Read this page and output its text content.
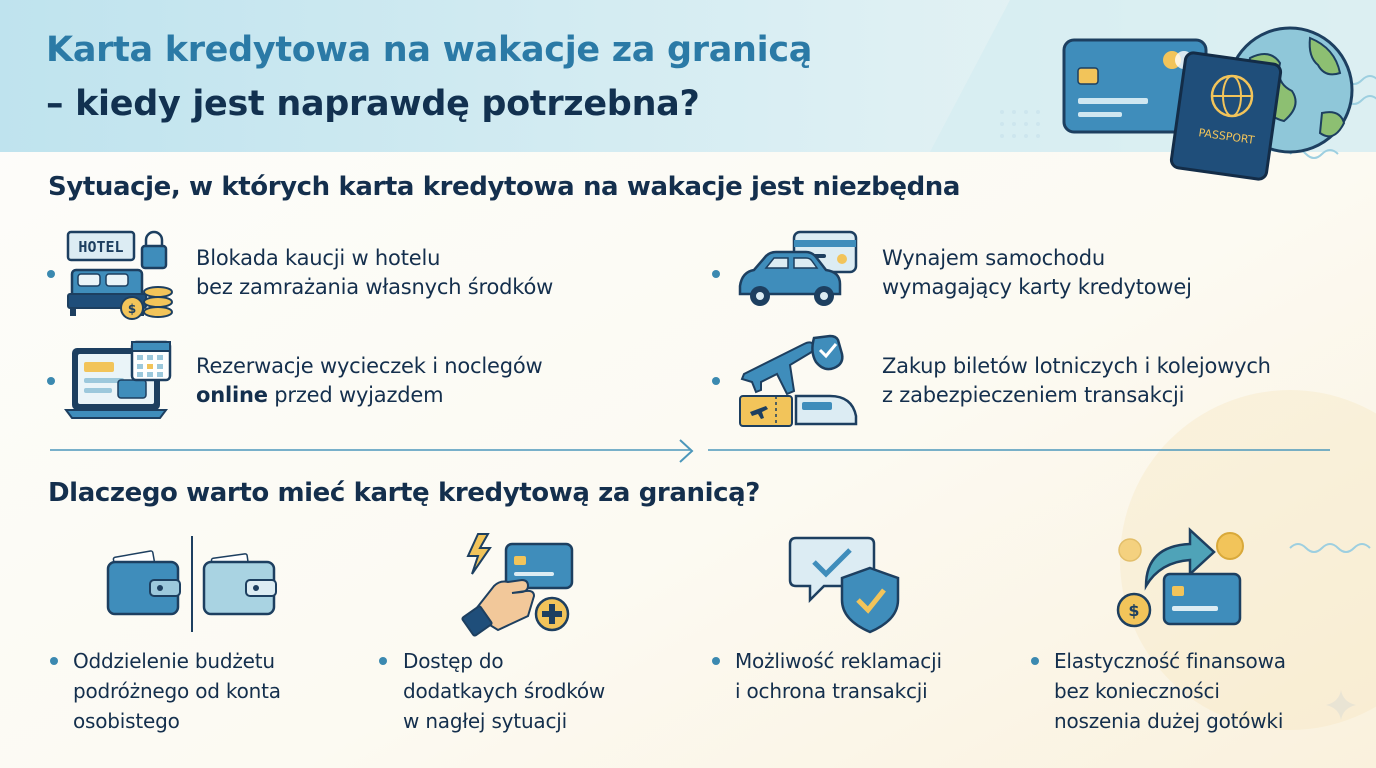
Karta kredytowa na wakacje za granicą
– kiedy jest naprawdę potrzebna?
PASSPORT
Sytuacje, w których karta kredytowa na wakacje jest niezbędna
HOTEL
$
Blokada kaucji w hotelu
bez zamrażania własnych środków
Wynajem samochodu
wymagający karty kredytowej
Rezerwacje wycieczek i noclegów
online przed wyjazdem
Zakup biletów lotniczych i kolejowych
z zabezpieczeniem transakcji
Dlaczego warto mieć kartę kredytową za granicą?
$
Oddzielenie budżetu
podróżnego od konta
osobistego
Dostęp do
dodatkaych środków
w nagłej sytuacji
Możliwość reklamacji
i ochrona transakcji
Elastyczność finansowa
bez konieczności
noszenia dużej gotówki
